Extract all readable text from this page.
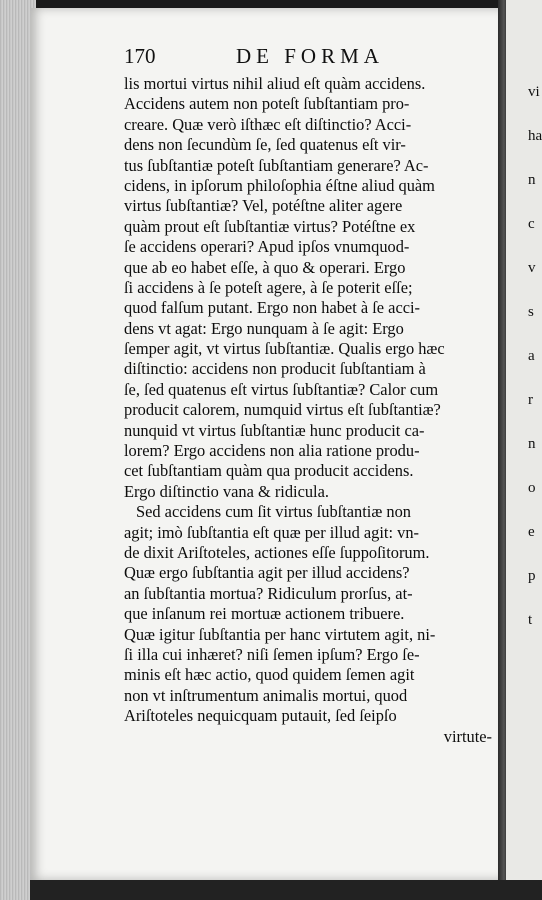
vi
ha
n
c
v
s
a
r
n
o
e
p
t
170	DE FORMA
lis mortui virtus nihil aliud eſt quàm accidens.
Accidens autem non poteſt ſubſtantiam pro-
creare. Quæ verò iſthæc eſt diſtinctio? Acci-
dens non ſecundùm ſe, ſed quatenus eſt vir-
tus ſubſtantiæ poteſt ſubſtantiam generare? Ac-
cidens, in ipſorum philoſophia éſtne aliud quàm
virtus ſubſtantiæ? Vel, potéſtne aliter agere
quàm prout eſt ſubſtantiæ virtus? Potéſtne ex
ſe accidens operari? Apud ipſos vnumquod-
que ab eo habet eſſe, à quo & operari. Ergo
ſi accidens à ſe poteſt agere, à ſe poterit eſſe;
quod falſum putant. Ergo non habet à ſe acci-
dens vt agat: Ergo nunquam à ſe agit: Ergo
ſemper agit, vt virtus ſubſtantiæ. Qualis ergo hæc
diſtinctio: accidens non producit ſubſtantiam à
ſe, ſed quatenus eſt virtus ſubſtantiæ? Calor cum
producit calorem, numquid virtus eſt ſubſtantiæ?
nunquid vt virtus ſubſtantiæ hunc producit ca-
lorem? Ergo accidens non alia ratione produ-
cet ſubſtantiam quàm qua producit accidens.
Ergo diſtinctio vana & ridicula.
Sed accidens cum ſit virtus ſubſtantiæ non
agit; imò ſubſtantia eſt quæ per illud agit: vn-
de dixit Ariſtoteles, actiones eſſe ſuppoſitorum.
Quæ ergo ſubſtantia agit per illud accidens?
an ſubſtantia mortua? Ridiculum prorſus, at-
que inſanum rei mortuæ actionem tribuere.
Quæ igitur ſubſtantia per hanc virtutem agit, ni-
ſi illa cui inhæret? niſi ſemen ipſum? Ergo ſe-
minis eſt hæc actio, quod quidem ſemen agit
non vt inſtrumentum animalis mortui, quod
Ariſtoteles nequicquam putauit, ſed ſeipſo
virtute-
